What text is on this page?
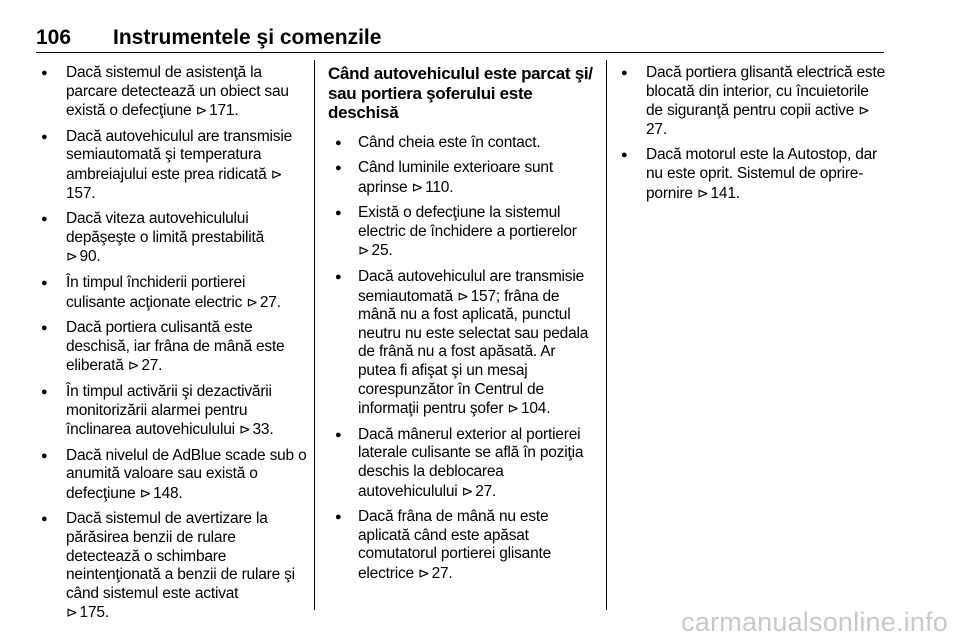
106 Instrumentele şi comenzile
● Dacă sistemul de asistenţă la parcare detectează un obiect sau există o defecţiune ⊳ 171.
● Dacă autovehiculul are transmisie semiautomată şi temperatura ambreiajului este prea ridicată ⊳157.
● Dacă viteza autovehiculului depăşeşte o limită prestabilită
⊳ 90.
● În timpul închiderii portierei culisante acţionate electric ⊳ 27.
● Dacă portiera culisantă este deschisă, iar frâna de mână este eliberată ⊳ 27.
● În timpul activării şi dezactivării monitorizării alarmei pentru înclinarea autovehiculului ⊳ 33.
● Dacă nivelul de AdBlue scade sub o anumită valoare sau există o defecţiune ⊳ 148.
● Dacă sistemul de avertizare la părăsirea benzii de rulare detectează o schimbare neintenţionată a benzii de rulare şi când sistemul este activat
⊳ 175.
Când autovehiculul este parcat şi/ sau portiera şoferului este deschisă
● Când cheia este în contact.
● Când luminile exterioare sunt aprinse ⊳ 110.
● Există o defecţiune la sistemul electric de închidere a portierelor
⊳ 25.
● Dacă autovehiculul are transmisie semiautomată ⊳ 157; frâna de mână nu a fost aplicată, punctul neutru nu este selectat sau pedala de frână nu a fost apăsată. Ar putea fi afişat şi un mesaj corespunzător în Centrul de informaţii pentru şofer ⊳ 104.
● Dacă mânerul exterior al portierei laterale culisante se află în poziţia deschis la deblocarea autovehiculului ⊳ 27.
● Dacă frâna de mână nu este aplicată când este apăsat comutatorul portierei glisante electrice ⊳ 27.
● Dacă portiera glisantă electrică este blocată din interior, cu încuietorile de siguranţă pentru copii active ⊳27.
● Dacă motorul este la Autostop, dar nu este oprit. Sistemul de oprire-pornire ⊳ 141.
carmanualsonline.info
